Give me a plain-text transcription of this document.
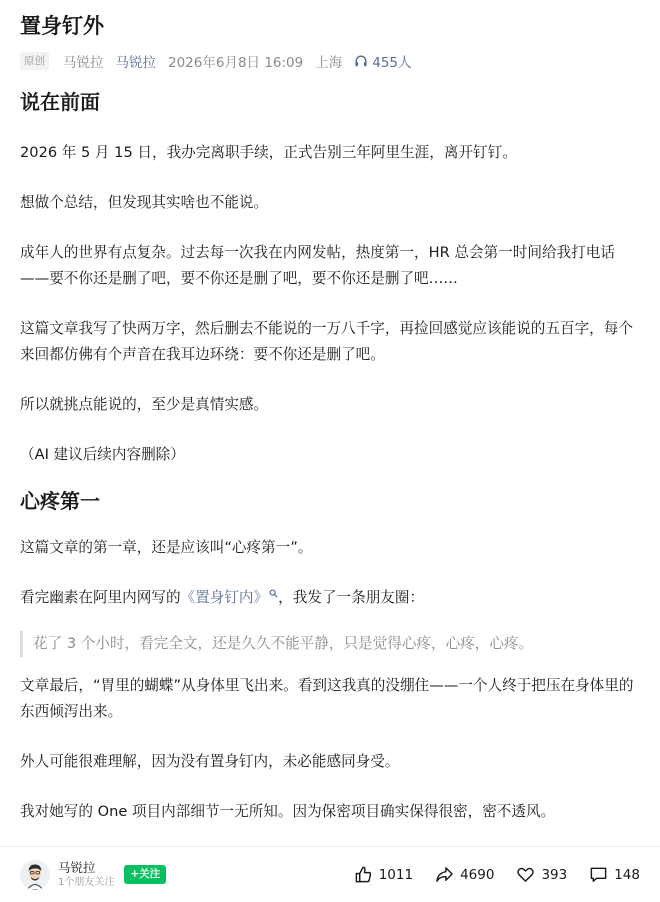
置身钉外
原创 马锐拉 马锐拉 2026年6月8日 16:09 上海 455人
说在前面

2026 年 5 月 15 日，我办完离职手续，正式告别三年阿里生涯，离开钉钉。

想做个总结，但发现其实啥也不能说。

成年人的世界有点复杂。过去每一次我在内网发帖，热度第一，HR 总会第一时间给我打电话——要不你还是删了吧，要不你还是删了吧，要不你还是删了吧……

这篇文章我写了快两万字，然后删去不能说的一万八千字，再捡回感觉应该能说的五百字，每个来回都仿佛有个声音在我耳边环绕：要不你还是删了吧。

所以就挑点能说的，至少是真情实感。

（AI 建议后续内容删除）

心疼第一

这篇文章的第一章，还是应该叫“心疼第一”。

看完幽素在阿里内网写的《置身钉内》 ，我发了一条朋友圈：

花了 3 个小时，看完全文，还是久久不能平静，只是觉得心疼，心疼，心疼。

文章最后，“胃里的蝴蝶”从身体里飞出来。看到这我真的没绷住——一个人终于把压在身体里的东西倾泻出来。

外人可能很难理解，因为没有置身钉内，未必能感同身受。

我对她写的 One 项目内部细节一无所知。因为保密项目确实保得很密，密不透风。

马锐拉
1个朋友关注
+关注	1011	4690	393	148
